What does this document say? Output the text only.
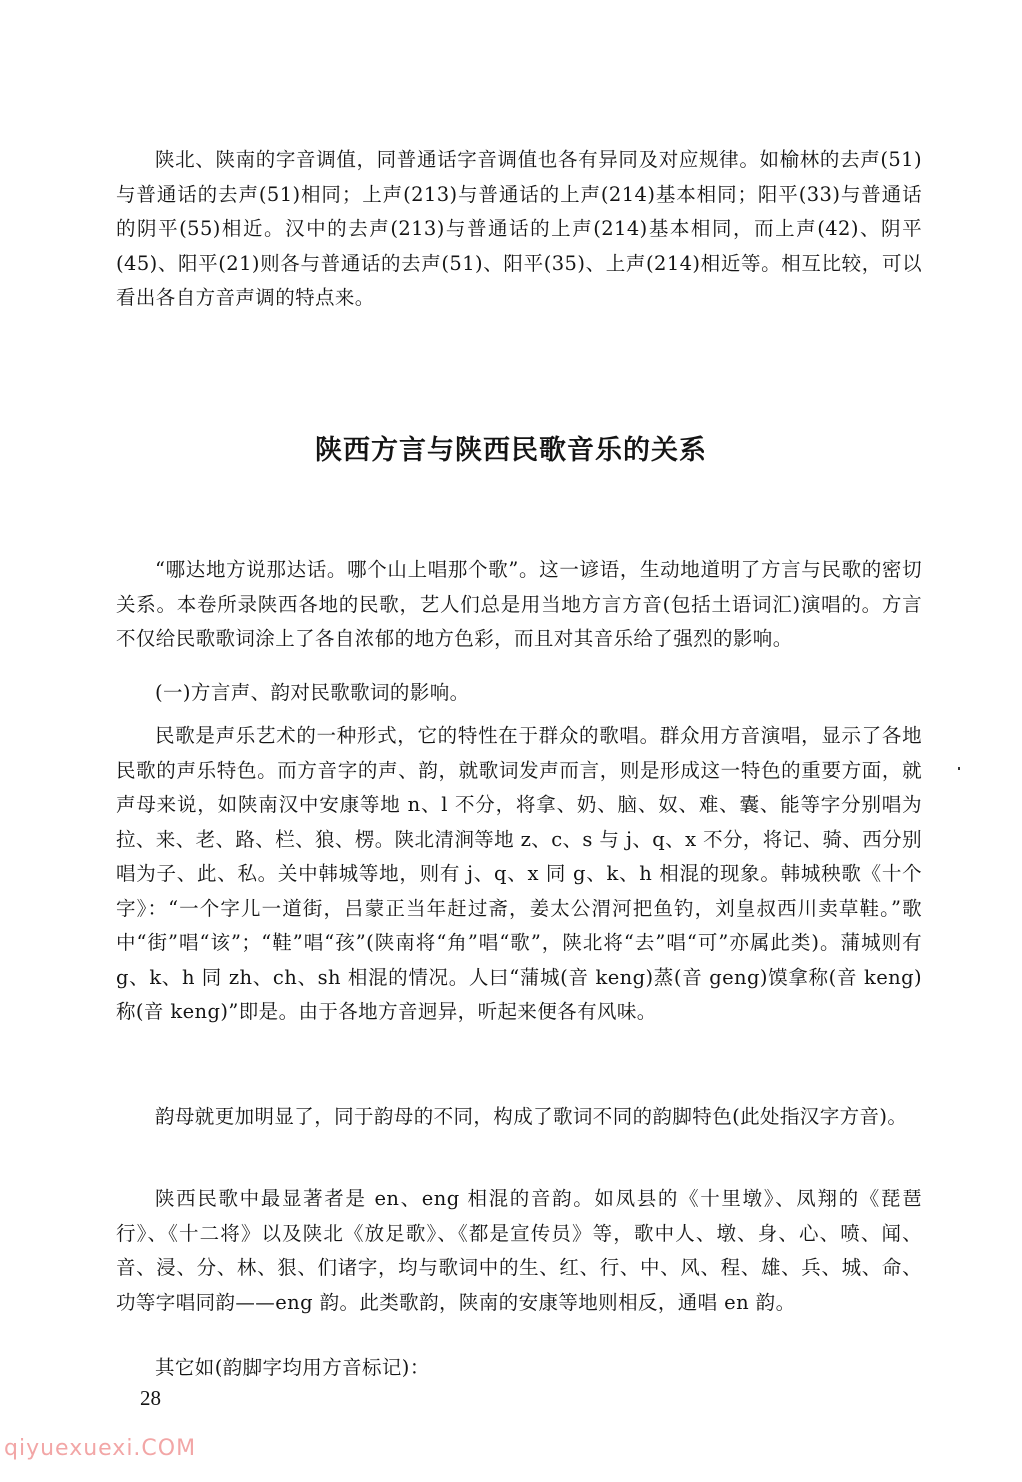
陕北、陕南的字音调值，同普通话字音调值也各有异同及对应规律。如榆林的去声(51)与普通话的去声(51)相同；上声(213)与普通话的上声(214)基本相同；阳平(33)与普通话的阴平(55)相近。汉中的去声(213)与普通话的上声(214)基本相同，而上声(42)、阴平(45)、阳平(21)则各与普通话的去声(51)、阳平(35)、上声(214)相近等。相互比较，可以看出各自方音声调的特点来。

陕西方言与陕西民歌音乐的关系

“哪达地方说那达话。哪个山上唱那个歌”。这一谚语，生动地道明了方言与民歌的密切关系。本卷所录陕西各地的民歌，艺人们总是用当地方言方音(包括土语词汇)演唱的。方言不仅给民歌歌词涂上了各自浓郁的地方色彩，而且对其音乐给了强烈的影响。

(一)方言声、韵对民歌歌词的影响。

民歌是声乐艺术的一种形式，它的特性在于群众的歌唱。群众用方音演唱，显示了各地民歌的声乐特色。而方音字的声、韵，就歌词发声而言，则是形成这一特色的重要方面，就声母来说，如陕南汉中安康等地 n、l 不分，将拿、奶、脑、奴、难、囊、能等字分别唱为拉、来、老、路、栏、狼、楞。陕北清涧等地 z、c、s 与 j、q、x 不分，将记、骑、西分别唱为子、此、私。关中韩城等地，则有 j、q、x 同 g、k、h 相混的现象。韩城秧歌《十个字》：“一个字儿一道街，吕蒙正当年赶过斋，姜太公渭河把鱼钓，刘皇叔西川卖草鞋。”歌中“街”唱“该”；“鞋”唱“孩”(陕南将“角”唱“歌”，陕北将“去”唱“可”亦属此类)。蒲城则有 g、k、h 同 zh、ch、sh 相混的情况。人曰“蒲城(音 keng)蒸(音 geng)馍拿称(音 keng)称(音 keng)”即是。由于各地方音迥异，听起来便各有风味。

韵母就更加明显了，同于韵母的不同，构成了歌词不同的韵脚特色(此处指汉字方音)。

陕西民歌中最显著者是 en、eng 相混的音韵。如凤县的《十里墩》、凤翔的《琵琶行》、《十二将》以及陕北《放足歌》、《都是宣传员》等，歌中人、墩、身、心、喷、闻、音、浸、分、林、狠、们诸字，均与歌词中的生、红、行、中、风、程、雄、兵、城、命、功等字唱同韵——eng 韵。此类歌韵，陕南的安康等地则相反，通唱 en 韵。

其它如(韵脚字均用方音标记)：

28
qiyuexuexi.COM
